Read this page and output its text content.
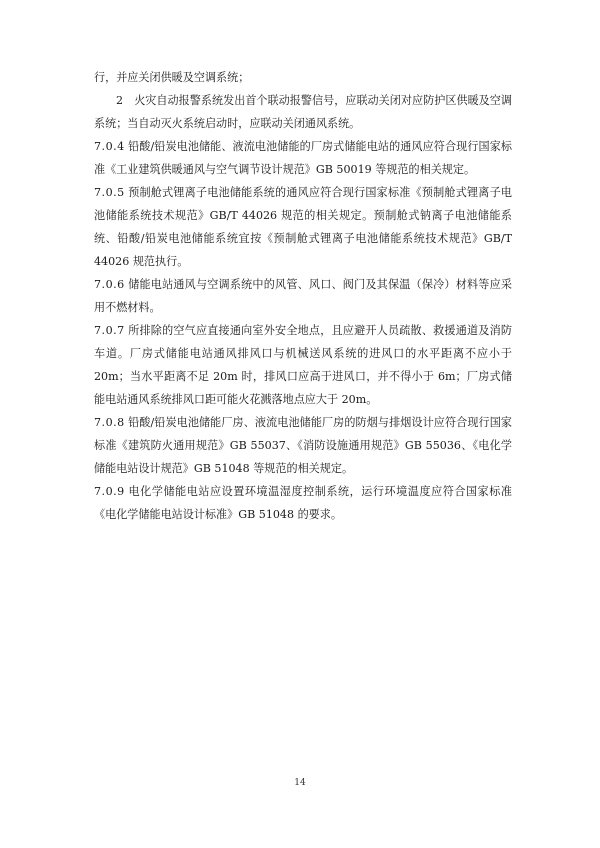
行，并应关闭供暖及空调系统；

2　火灾自动报警系统发出首个联动报警信号，应联动关闭对应防护区供暖及空调系统；当自动灭火系统启动时，应联动关闭通风系统。

7.0.4 铅酸/铅炭电池储能、液流电池储能的厂房式储能电站的通风应符合现行国家标准《工业建筑供暖通风与空气调节设计规范》GB 50019 等规范的相关规定。

7.0.5 预制舱式锂离子电池储能系统的通风应符合现行国家标准《预制舱式锂离子电池储能系统技术规范》GB/T 44026 规范的相关规定。预制舱式钠离子电池储能系统、铅酸/铅炭电池储能系统宜按《预制舱式锂离子电池储能系统技术规范》GB/T 44026 规范执行。

7.0.6 储能电站通风与空调系统中的风管、风口、阀门及其保温（保冷）材料等应采用不燃材料。

7.0.7 所排除的空气应直接通向室外安全地点，且应避开人员疏散、救援通道及消防车道。厂房式储能电站通风排风口与机械送风系统的进风口的水平距离不应小于 20m；当水平距离不足 20m 时，排风口应高于进风口，并不得小于 6m；厂房式储能电站通风系统排风口距可能火花溅落地点应大于 20m。

7.0.8 铅酸/铅炭电池储能厂房、液流电池储能厂房的防烟与排烟设计应符合现行国家标准《建筑防火通用规范》GB 55037、《消防设施通用规范》GB 55036、《电化学储能电站设计规范》GB 51048 等规范的相关规定。

7.0.9 电化学储能电站应设置环境温湿度控制系统，运行环境温度应符合国家标准《电化学储能电站设计标准》GB 51048 的要求。

14
